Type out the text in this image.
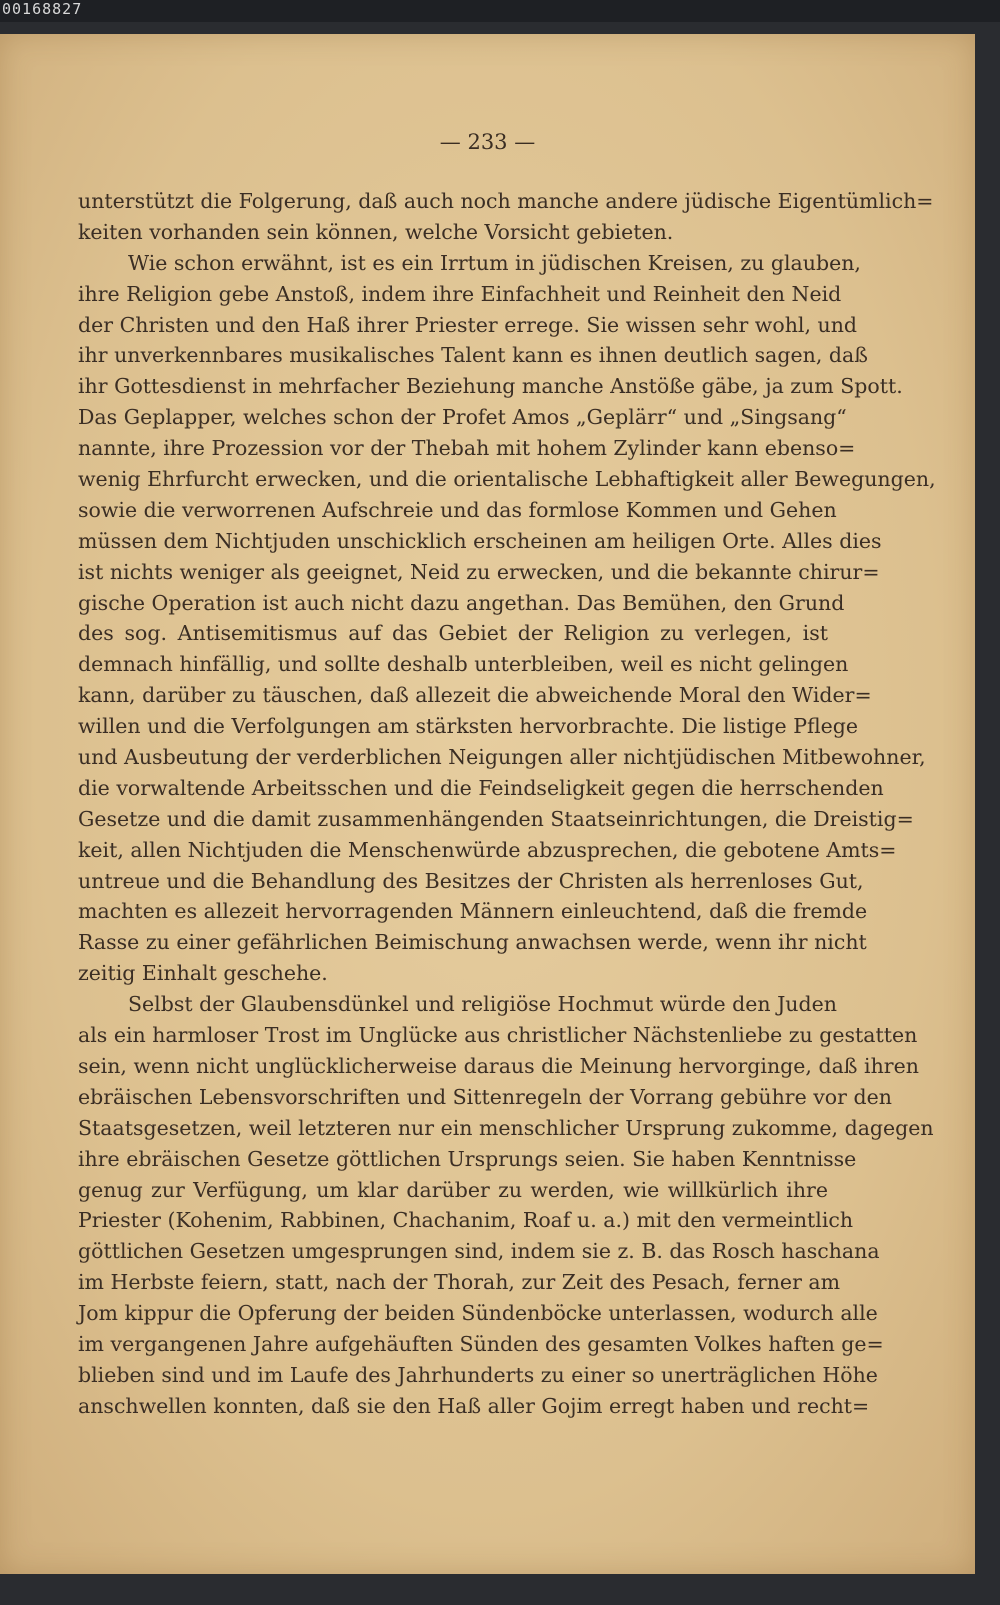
00168827
— 233 —
unterstützt die Folgerung, daß auch noch manche andere jüdische Eigentümlich=
keiten vorhanden sein können, welche Vorsicht gebieten.
Wie schon erwähnt, ist es ein Irrtum in jüdischen Kreisen, zu glauben,
ihre Religion gebe Anstoß, indem ihre Einfachheit und Reinheit den Neid
der Christen und den Haß ihrer Priester errege. Sie wissen sehr wohl, und
ihr unverkennbares musikalisches Talent kann es ihnen deutlich sagen, daß
ihr Gottesdienst in mehrfacher Beziehung manche Anstöße gäbe, ja zum Spott.
Das Geplapper, welches schon der Profet Amos „Geplärr“ und „Singsang“
nannte, ihre Prozession vor der Thebah mit hohem Zylinder kann ebenso=
wenig Ehrfurcht erwecken, und die orientalische Lebhaftigkeit aller Bewegungen,
sowie die verworrenen Aufschreie und das formlose Kommen und Gehen
müssen dem Nichtjuden unschicklich erscheinen am heiligen Orte. Alles dies
ist nichts weniger als geeignet, Neid zu erwecken, und die bekannte chirur=
gische Operation ist auch nicht dazu angethan. Das Bemühen, den Grund
des sog. Antisemitismus auf das Gebiet der Religion zu verlegen, ist
demnach hinfällig, und sollte deshalb unterbleiben, weil es nicht gelingen
kann, darüber zu täuschen, daß allezeit die abweichende Moral den Wider=
willen und die Verfolgungen am stärksten hervorbrachte. Die listige Pflege
und Ausbeutung der verderblichen Neigungen aller nichtjüdischen Mitbewohner,
die vorwaltende Arbeitsschen und die Feindseligkeit gegen die herrschenden
Gesetze und die damit zusammenhängenden Staatseinrichtungen, die Dreistig=
keit, allen Nichtjuden die Menschenwürde abzusprechen, die gebotene Amts=
untreue und die Behandlung des Besitzes der Christen als herrenloses Gut,
machten es allezeit hervorragenden Männern einleuchtend, daß die fremde
Rasse zu einer gefährlichen Beimischung anwachsen werde, wenn ihr nicht
zeitig Einhalt geschehe.
Selbst der Glaubensdünkel und religiöse Hochmut würde den Juden
als ein harmloser Trost im Unglücke aus christlicher Nächstenliebe zu gestatten
sein, wenn nicht unglücklicherweise daraus die Meinung hervorginge, daß ihren
ebräischen Lebensvorschriften und Sittenregeln der Vorrang gebühre vor den
Staatsgesetzen, weil letzteren nur ein menschlicher Ursprung zukomme, dagegen
ihre ebräischen Gesetze göttlichen Ursprungs seien. Sie haben Kenntnisse
genug zur Verfügung, um klar darüber zu werden, wie willkürlich ihre
Priester (Kohenim, Rabbinen, Chachanim, Roaf u. a.) mit den vermeintlich
göttlichen Gesetzen umgesprungen sind, indem sie z. B. das Rosch haschana
im Herbste feiern, statt, nach der Thorah, zur Zeit des Pesach, ferner am
Jom kippur die Opferung der beiden Sündenböcke unterlassen, wodurch alle
im vergangenen Jahre aufgehäuften Sünden des gesamten Volkes haften ge=
blieben sind und im Laufe des Jahrhunderts zu einer so unerträglichen Höhe
anschwellen konnten, daß sie den Haß aller Gojim erregt haben und recht=
